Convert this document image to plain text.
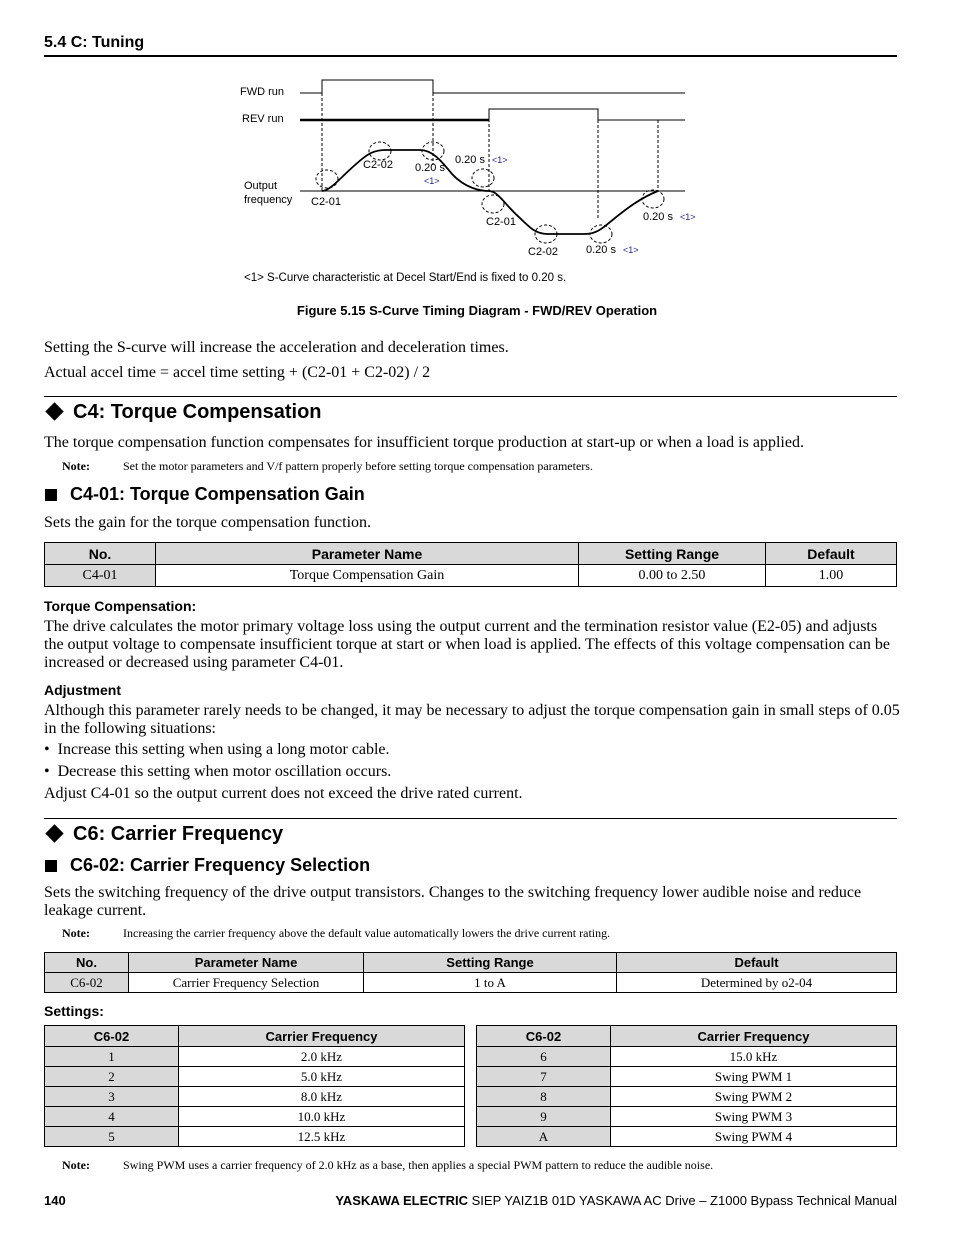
5.4 C: Tuning
FWD run
REV run
Output
frequency C2-01
C2-02 0.20 s
<1>
0.20 s <1>
C2-01
C2-02	0.20 s <1>
0.20 s <1>
<1> S-Curve characteristic at Decel Start/End is fixed to 0.20 s.
Figure 5.15 S-Curve Timing Diagram - FWD/REV Operation
Setting the S-curve will increase the acceleration and deceleration times.
Actual accel time = accel time setting + (C2-01 + C2-02) / 2
C4: Torque Compensation
The torque compensation function compensates for insufficient torque production at start-up or when a load is applied.
Note:	Set the motor parameters and V/f pattern properly before setting torque compensation parameters.
C4-01: Torque Compensation Gain
Sets the gain for the torque compensation function.
No.	Parameter Name	Setting Range	Default
C4-01	Torque Compensation Gain	0.00 to 2.50	1.00
Torque Compensation:
The drive calculates the motor primary voltage loss using the output current and the termination resistor value (E2-05) and adjusts the output voltage to compensate insufficient torque at start or when load is applied. The effects of this voltage compensation can be increased or decreased using parameter C4-01.
Adjustment
Although this parameter rarely needs to be changed, it may be necessary to adjust the torque compensation gain in small steps of 0.05 in the following situations:
•  Increase this setting when using a long motor cable.
•  Decrease this setting when motor oscillation occurs.
Adjust C4-01 so the output current does not exceed the drive rated current.
C6: Carrier Frequency
C6-02: Carrier Frequency Selection
Sets the switching frequency of the drive output transistors. Changes to the switching frequency lower audible noise and reduce leakage current.
Note:	Increasing the carrier frequency above the default value automatically lowers the drive current rating.
No.	Parameter Name	Setting Range	Default
C6-02	Carrier Frequency Selection	1 to A	Determined by o2-04
Settings:
C6-02	Carrier Frequency
1	2.0 kHz
2	5.0 kHz
3	8.0 kHz
4	10.0 kHz
5	12.5 kHz
C6-02	Carrier Frequency
6	15.0 kHz
7	Swing PWM 1
8	Swing PWM 2
9	Swing PWM 3
A	Swing PWM 4
Note:	Swing PWM uses a carrier frequency of 2.0 kHz as a base, then applies a special PWM pattern to reduce the audible noise.
140	YASKAWA ELECTRIC SIEP YAIZ1B 01D YASKAWA AC Drive – Z1000 Bypass Technical Manual
